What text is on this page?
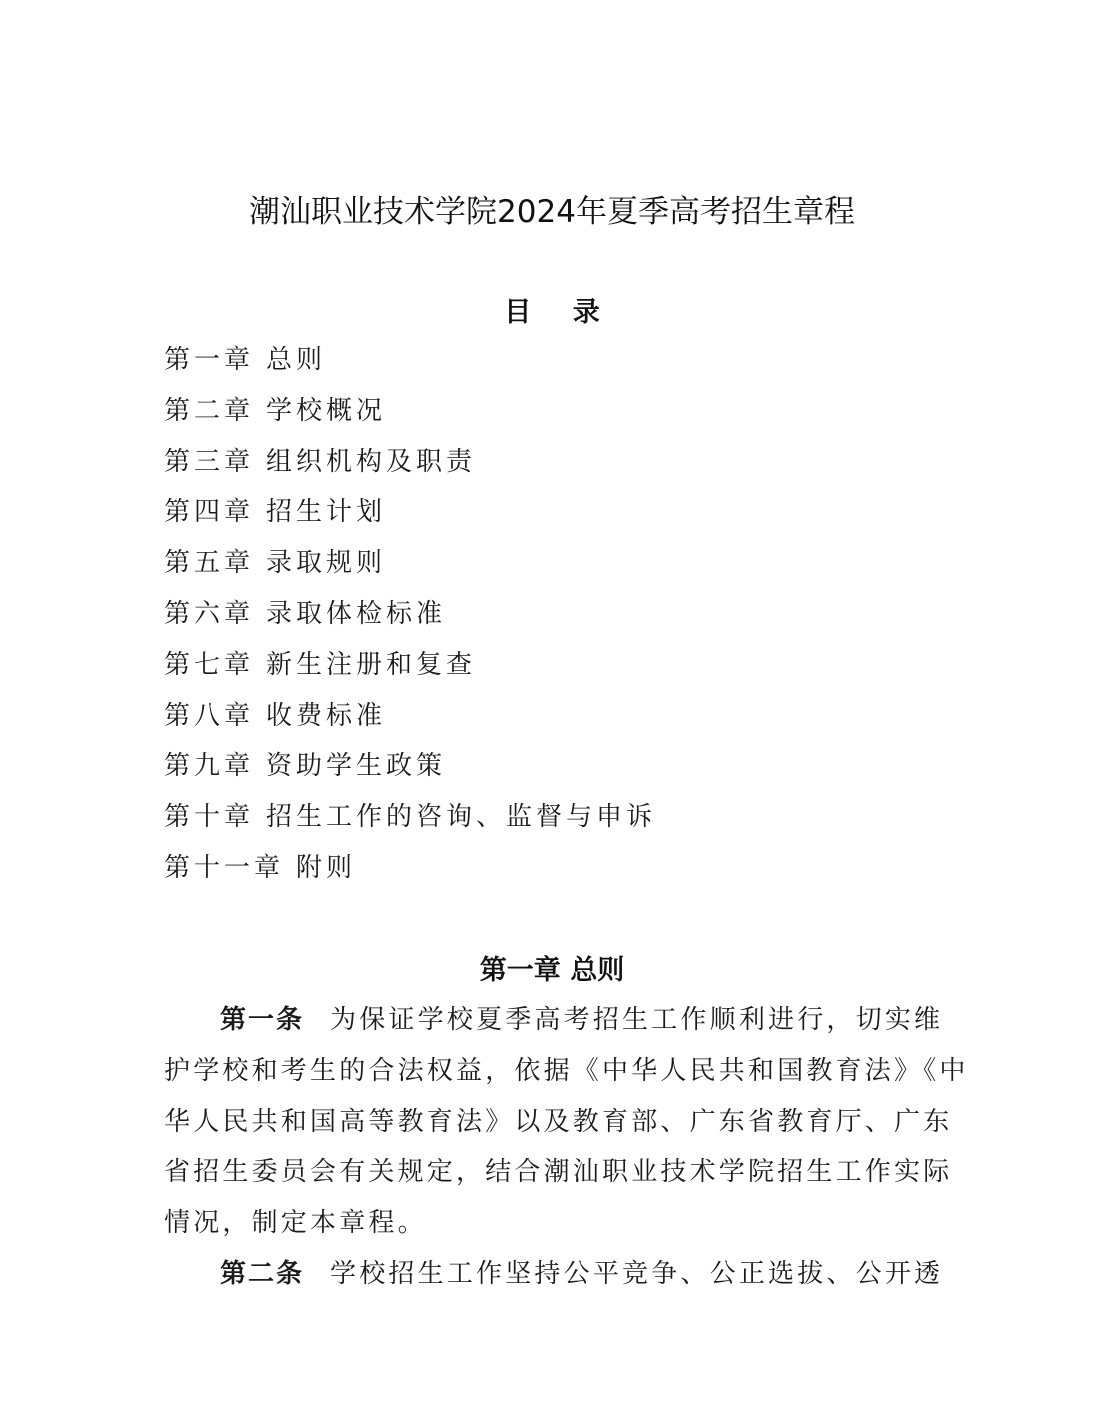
潮汕职业技术学院2024年夏季高考招生章程
目 录
第一章 总则
第二章 学校概况
第三章 组织机构及职责
第四章 招生计划
第五章 录取规则
第六章 录取体检标准
第七章 新生注册和复查
第八章 收费标准
第九章 资助学生政策
第十章 招生工作的咨询、监督与申诉
第十一章 附则
第一章 总则
第一条 为保证学校夏季高考招生工作顺利进行，切实维
护学校和考生的合法权益，依据《中华人民共和国教育法》《中
华人民共和国高等教育法》以及教育部、广东省教育厅、广东
省招生委员会有关规定，结合潮汕职业技术学院招生工作实际
情况，制定本章程。
第二条 学校招生工作坚持公平竞争、公正选拔、公开透
